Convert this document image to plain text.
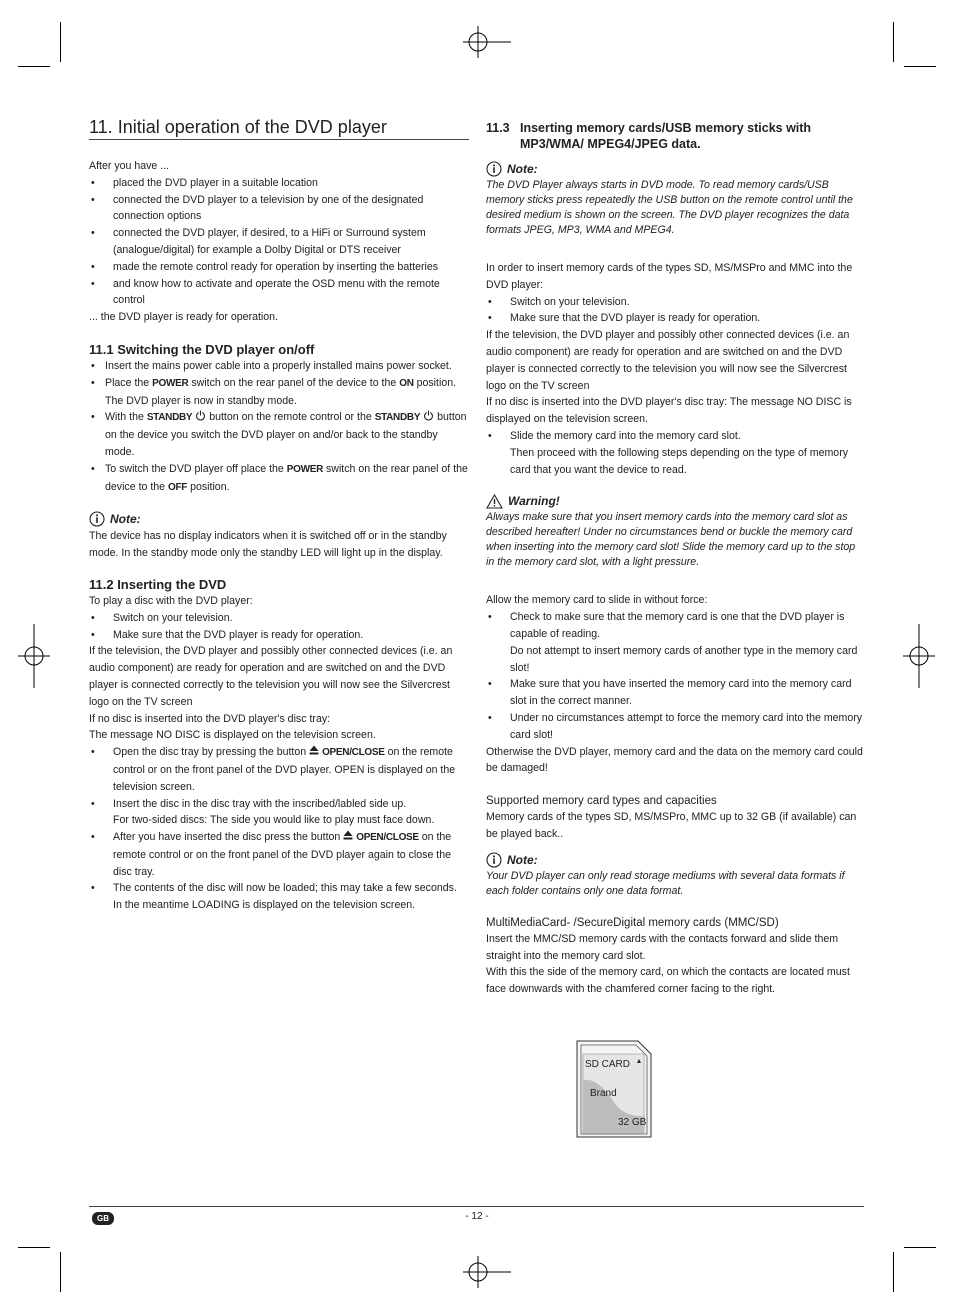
11. Initial operation of the DVD player

After you have ...

• placed the DVD player in a suitable location
• connected the DVD player to a television by one of the designated connection options
• connected the DVD player, if desired, to a HiFi or Surround system (analogue/digital) for example a Dolby Digital or DTS receiver
• made the remote control ready for operation by inserting the batteries
• and know how to activate and operate the OSD menu with the remote control

... the DVD player is ready for operation.

11.1 Switching the DVD player on/off
• Insert the mains power cable into a properly installed mains power socket.
• Place the POWER switch on the rear panel of the device to the ON position. The DVD player is now in standby mode.
• With the STANDBY  button on the remote control or the STANDBY  button on the device you switch the DVD player on and/or back to the standby mode.
• To switch the DVD player off place the POWER switch on the rear panel of the device to the OFF position.
Note:

The device has no display indicators when it is switched off or in the standby mode. In the standby mode only the standby LED will light up in the display.

11.2 Inserting the DVD

To play a disc with the DVD player:

• Switch on your television.
• Make sure that the DVD player is ready for operation.

If the television, the DVD player and possibly other connected devices (i.e. an audio component) are ready for operation and are switched on and the DVD player is connected correctly to the television you will now see the Silvercrest logo on the TV screen

If no disc is inserted into the DVD player's disc tray:

The message NO DISC is displayed on the television screen.

• Open the disc tray by pressing the button  OPEN/CLOSE on the remote control or on the front panel of the DVD player. OPEN is displayed on the television screen.
• Insert the disc in the disc tray with the inscribed/labled side up.
For two-sided discs: The side you would like to play must face down.
• After you have inserted the disc press the button  OPEN/CLOSE on the remote control or on the front panel of the DVD player again to close the disc tray.
• The contents of the disc will now be loaded; this may take a few seconds.
In the meantime LOADING is displayed on the television screen.
11.3 Inserting memory cards/USB memory sticks with
MP3/WMA/ MPEG4/JPEG data.
Note:

The DVD Player always starts in DVD mode. To read memory cards/USB memory sticks press repeatedly the USB button on the remote control until the desired medium is shown on the screen. The DVD player recognizes the data formats JPEG, MP3, WMA and MPEG4.

In order to insert memory cards of the types SD, MS/MSPro and MMC into the DVD player:

• Switch on your television.
• Make sure that the DVD player is ready for operation.

If the television, the DVD player and possibly other connected devices (i.e. an audio component) are ready for operation and are switched on and the DVD player is connected correctly to the television you will now see the Silvercrest logo on the TV screen

If no disc is inserted into the DVD player's disc tray: The message NO DISC is displayed on the television screen.

• Slide the memory card into the memory card slot.
Then proceed with the following steps depending on the type of memory card that you want the device to read.
Warning!

Always make sure that you insert memory cards into the memory card slot as described hereafter! Under no circumstances bend or buckle the memory card when inserting into the memory card slot! Slide the memory card up to the stop in the memory card slot, with a light pressure.

Allow the memory card to slide in without force:

• Check to make sure that the memory card is one that the DVD player is capable of reading.
Do not attempt to insert memory cards of another type in the memory card slot!
• Make sure that you have inserted the memory card into the memory card slot in the correct manner.
• Under no circumstances attempt to force the memory card into the memory card slot!

Otherwise the DVD player, memory card and the data on the memory card could be damaged!

Supported memory card types and capacities

Memory cards of the types SD, MS/MSPro, MMC up to 32 GB (if available) can be played back..

Note:

Your DVD player can only read storage mediums with several data formats if each folder contains only one data format.

MultiMediaCard- /SecureDigital memory cards (MMC/SD)

Insert the MMC/SD memory cards with the contacts forward and slide them straight into the memory card slot.

With this the side of the memory card, on which the contacts are located must face downwards with the chamfered corner facing to the right.

SD CARD
Brand
32 GB
GB	- 12 -
